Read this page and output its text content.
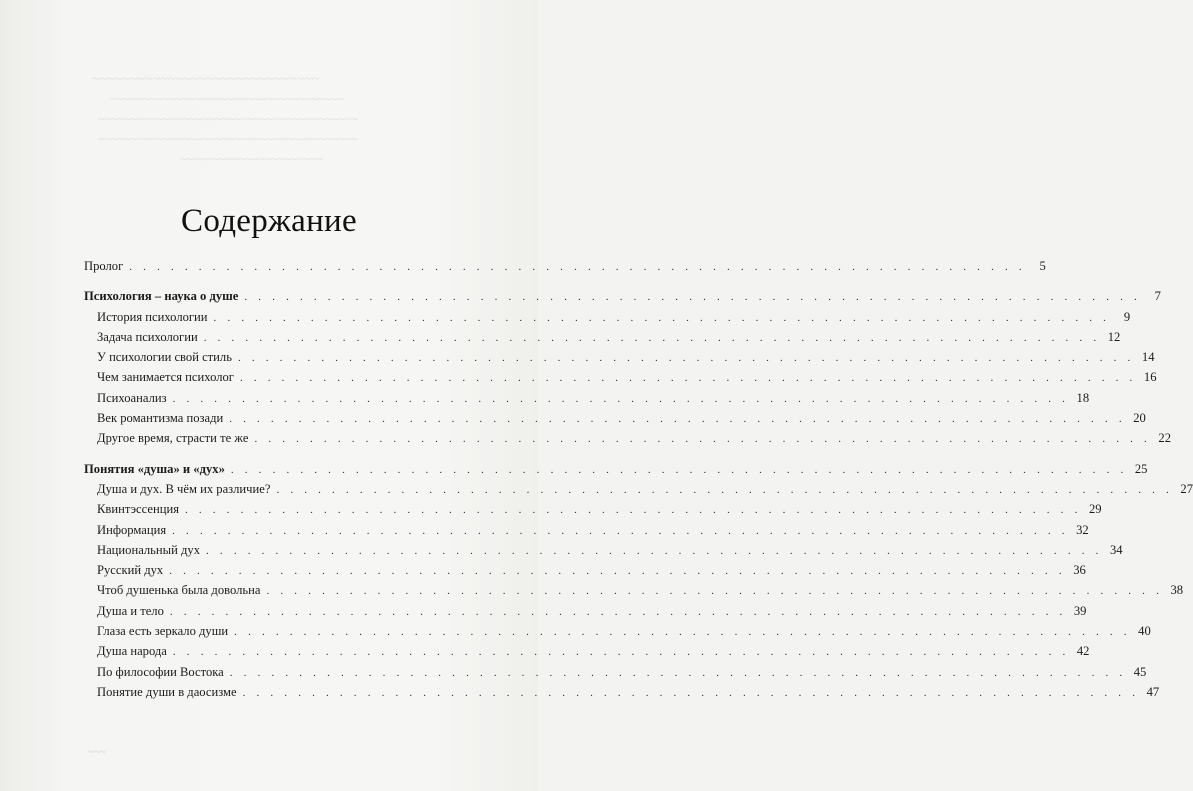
~~~~~~~~~~~~~~~~~~~~~~~~~~~~~~
~~~~~~~~~~~~~~~~~~~~~~~~~~~~~~~~~~~~
~~~~~~~~~~~~~~~~~~~~~~~~~~~~~~~~~~~~~~~~
~~~~~~~~~~~~~~~~~~~~~~~~~~~~~~~~~~~~~~~~
~~~~~~~~~~~~~~~~~~~~~~
Содержание
Пролог . . . . . . . . . . . . . . . . . . . . . . . . . . . . . . . . . . . . . . . . . . . . . . . . . . . . . . . . . . . . . . . . .	5
Психология – наука о душе . . . . . . . . . . . . . . . . . . . . . . . . . . . . . . . . . . . . . . . . . . . . . . . . . . . . . . . . . . . . . . . . .	7
История психологии . . . . . . . . . . . . . . . . . . . . . . . . . . . . . . . . . . . . . . . . . . . . . . . . . . . . . . . . . . . . . . . . .	9
Задача психологии . . . . . . . . . . . . . . . . . . . . . . . . . . . . . . . . . . . . . . . . . . . . . . . . . . . . . . . . . . . . . . . . . 12
У психологии свой стиль . . . . . . . . . . . . . . . . . . . . . . . . . . . . . . . . . . . . . . . . . . . . . . . . . . . . . . . . . . . . . . . . . 14
Чем занимается психолог . . . . . . . . . . . . . . . . . . . . . . . . . . . . . . . . . . . . . . . . . . . . . . . . . . . . . . . . . . . . . . . . . 16
Психоанализ . . . . . . . . . . . . . . . . . . . . . . . . . . . . . . . . . . . . . . . . . . . . . . . . . . . . . . . . . . . . . . . . . 18
Век романтизма позади . . . . . . . . . . . . . . . . . . . . . . . . . . . . . . . . . . . . . . . . . . . . . . . . . . . . . . . . . . . . . . . . . 20
Другое время, страсти те же . . . . . . . . . . . . . . . . . . . . . . . . . . . . . . . . . . . . . . . . . . . . . . . . . . . . . . . . . . . . . . . . . 22
Понятия «душа» и «дух» . . . . . . . . . . . . . . . . . . . . . . . . . . . . . . . . . . . . . . . . . . . . . . . . . . . . . . . . . . . . . . . . . 25
Душа и дух. В чём их различие? . . . . . . . . . . . . . . . . . . . . . . . . . . . . . . . . . . . . . . . . . . . . . . . . . . . . . . . . . . . . . . . . . 27
Квинтэссенция . . . . . . . . . . . . . . . . . . . . . . . . . . . . . . . . . . . . . . . . . . . . . . . . . . . . . . . . . . . . . . . . . 29
Информация . . . . . . . . . . . . . . . . . . . . . . . . . . . . . . . . . . . . . . . . . . . . . . . . . . . . . . . . . . . . . . . . . 32
Национальный дух . . . . . . . . . . . . . . . . . . . . . . . . . . . . . . . . . . . . . . . . . . . . . . . . . . . . . . . . . . . . . . . . . 34
Русский дух . . . . . . . . . . . . . . . . . . . . . . . . . . . . . . . . . . . . . . . . . . . . . . . . . . . . . . . . . . . . . . . . . 36
Чтоб душенька была довольна . . . . . . . . . . . . . . . . . . . . . . . . . . . . . . . . . . . . . . . . . . . . . . . . . . . . . . . . . . . . . . . . . 38
Душа и тело . . . . . . . . . . . . . . . . . . . . . . . . . . . . . . . . . . . . . . . . . . . . . . . . . . . . . . . . . . . . . . . . . 39
Глаза есть зеркало души . . . . . . . . . . . . . . . . . . . . . . . . . . . . . . . . . . . . . . . . . . . . . . . . . . . . . . . . . . . . . . . . . 40
Душа народа . . . . . . . . . . . . . . . . . . . . . . . . . . . . . . . . . . . . . . . . . . . . . . . . . . . . . . . . . . . . . . . . . 42
По философии Востока . . . . . . . . . . . . . . . . . . . . . . . . . . . . . . . . . . . . . . . . . . . . . . . . . . . . . . . . . . . . . . . . . 45
Понятие души в даосизме . . . . . . . . . . . . . . . . . . . . . . . . . . . . . . . . . . . . . . . . . . . . . . . . . . . . . . . . . . . . . . . . . 47
~~~
